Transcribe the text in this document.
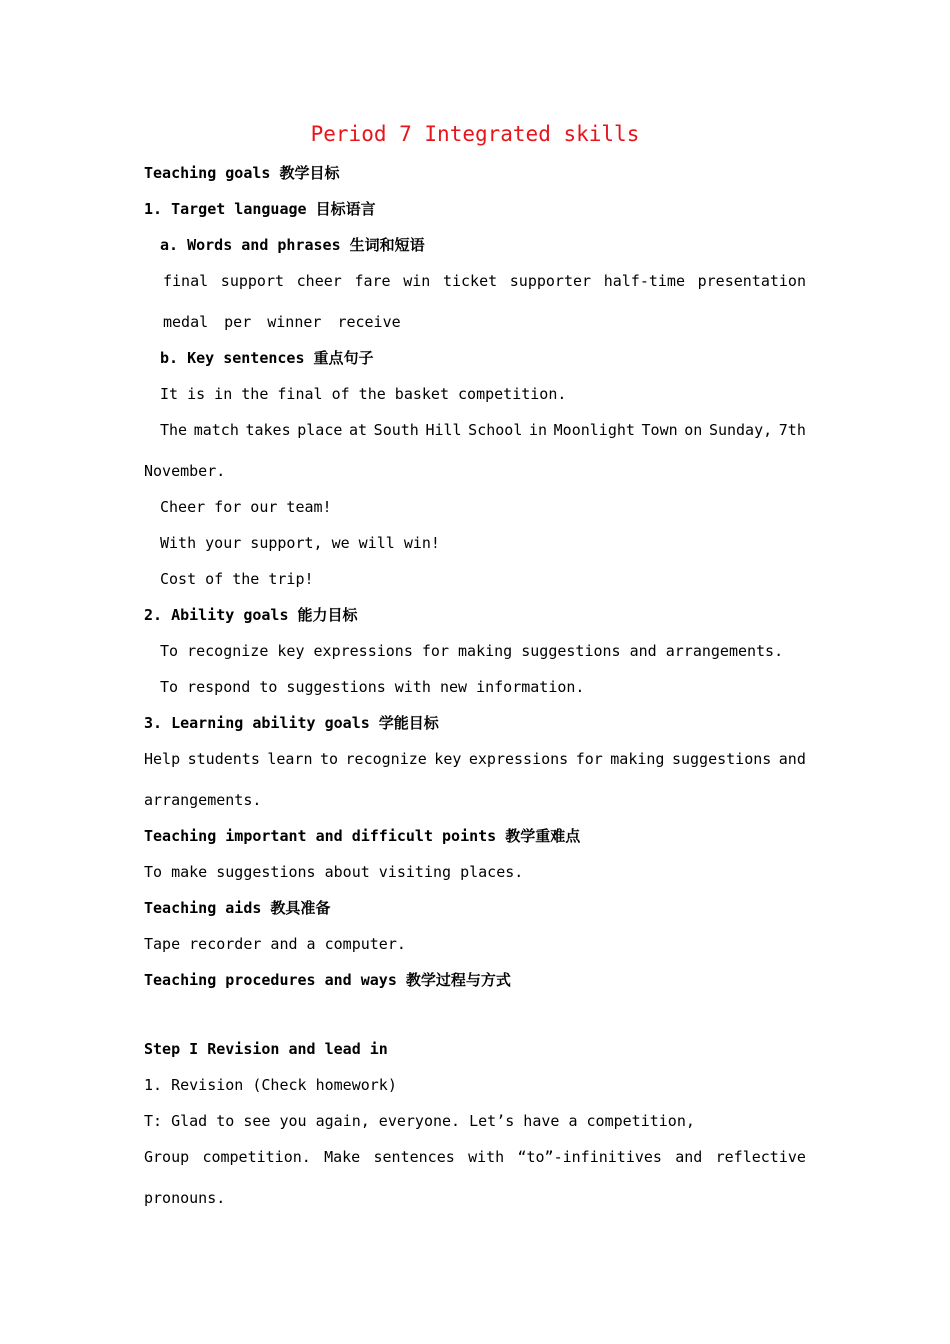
Period 7 Integrated skills
Teaching goals 教学目标
1. Target language 目标语言
a. Words and phrases 生词和短语
final support cheer fare win ticket supporter half-time presentation
medal per winner receive
b. Key sentences 重点句子
It is in the final of the basket competition.
The match takes place at South Hill School in Moonlight Town on Sunday, 7th
November.
Cheer for our team!
With your support, we will win!
Cost of the trip!
2. Ability goals 能力目标
To recognize key expressions for making suggestions and arrangements.
To respond to suggestions with new information.
3. Learning ability goals 学能目标
Help students learn to recognize key expressions for making suggestions and
arrangements.
Teaching important and difficult points 教学重难点
To make suggestions about visiting places.
Teaching aids 教具准备
Tape recorder and a computer.
Teaching procedures and ways 教学过程与方式
Step I Revision and lead in
1. Revision (Check homework)
T: Glad to see you again, everyone. Let’s have a competition,
Group competition. Make sentences with “to”-infinitives and reflective
pronouns.
